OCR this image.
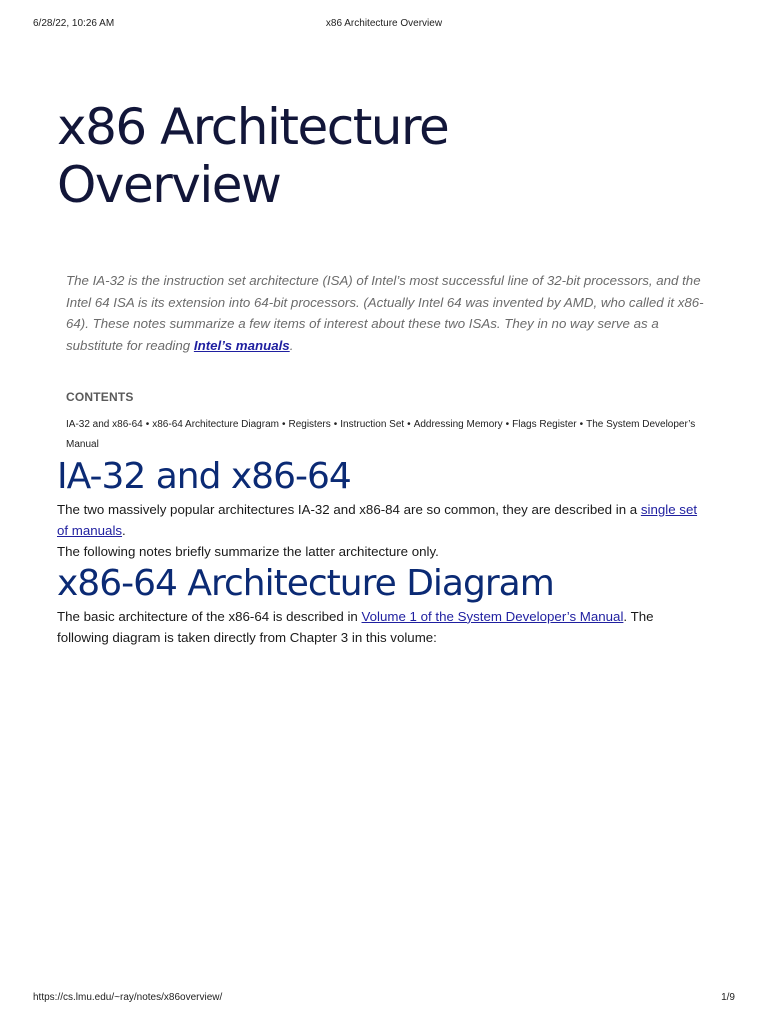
6/28/22, 10:26 AM	x86 Architecture Overview
x86 Architecture
Overview
The IA-32 is the instruction set architecture (ISA) of Intel’s most successful line of 32-bit processors, and the Intel 64 ISA is its extension into 64-bit processors. (Actually Intel 64 was invented by AMD, who called it x86-64). These notes summarize a few items of interest about these two ISAs. They in no way serve as a substitute for reading Intel’s manuals.
CONTENTS
IA-32 and x86-64 • x86-64 Architecture Diagram • Registers • Instruction Set • Addressing Memory • Flags Register • The System Developer’s Manual
IA-32 and x86-64

The two massively popular architectures IA-32 and x86-84 are so common, they are described in a single set of manuals.

The following notes briefly summarize the latter architecture only.

x86-64 Architecture Diagram

The basic architecture of the x86-64 is described in Volume 1 of the System Developer’s Manual. The following diagram is taken directly from Chapter 3 in this volume:

https://cs.lmu.edu/~ray/notes/x86overview/	1/9
